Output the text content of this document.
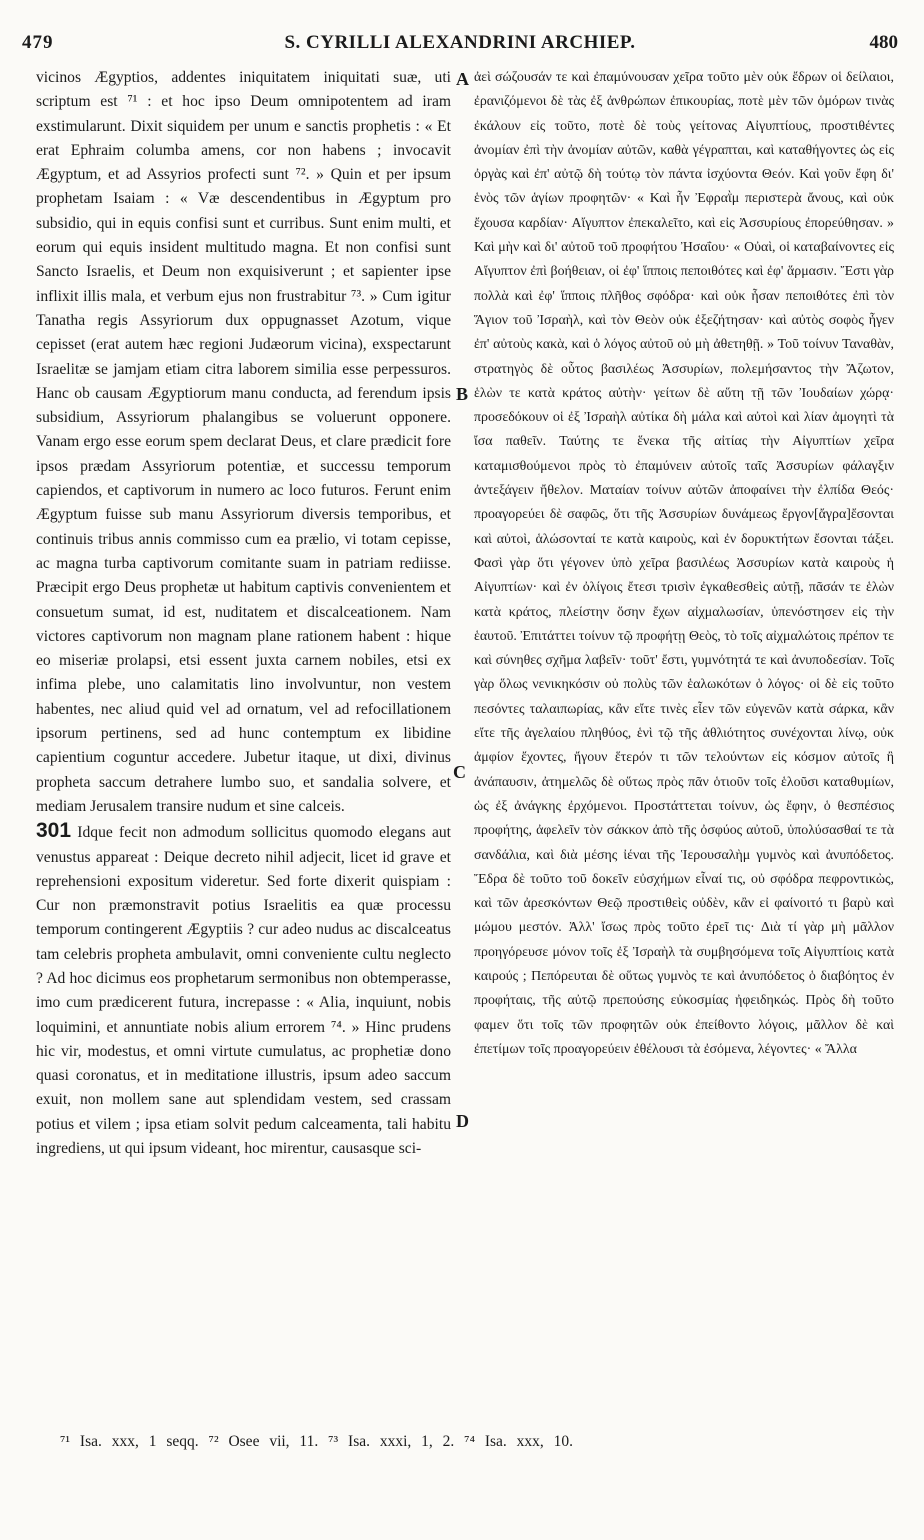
479	S. CYRILLI ALEXANDRINI ARCHIEP.	480

vicinos Ægyptios, addentes iniquitatem iniquitati suæ, uti scriptum est ⁷¹ : et hoc ipso Deum omnipotentem ad iram exstimularunt. Dixit siquidem per unum e sanctis prophetis : « Et erat Ephraim columba amens, cor non habens ; invocavit Ægyptum, et ad Assyrios profecti sunt ⁷². » Quin et per ipsum prophetam Isaiam : « Væ descendentibus in Ægyptum pro subsidio, qui in equis confisi sunt et curribus. Sunt enim multi, et eorum qui equis insident multitudo magna. Et non confisi sunt Sancto Israelis, et Deum non exquisiverunt ; et sapienter ipse inflixit illis mala, et verbum ejus non frustrabitur ⁷³. » Cum igitur Tanatha regis Assyriorum dux oppugnasset Azotum, vique cepisset (erat autem hæc regioni Judæorum vicina), exspectarunt Israelitæ se jamjam etiam citra laborem similia esse perpessuros. Hanc ob causam Ægyptiorum manu conducta, ad ferendum ipsis subsidium, Assyriorum phalangibus se voluerunt opponere. Vanam ergo esse eorum spem declarat Deus, et clare prædicit fore ipsos prædam Assyriorum potentiæ, et successu temporum capiendos, et captivorum in numero ac loco futuros. Ferunt enim Ægyptum fuisse sub manu Assyriorum diversis temporibus, et continuis tribus annis commisso cum ea prælio, vi totam cepisse, ac magna turba captivorum comitante suam in patriam rediisse. Præcipit ergo Deus prophetæ ut habitum captivis convenientem et consuetum sumat, id est, nuditatem et discalceationem. Nam victores captivorum non magnam plane rationem habent : hique eo miseriæ prolapsi, etsi essent juxta carnem nobiles, etsi ex infima plebe, uno calamitatis lino involvuntur, non vestem habentes, nec aliud quid vel ad ornatum, vel ad refocillationem ipsorum pertinens, sed ad hunc contemptum ex libidine capientium coguntur accedere. Jubetur itaque, ut dixi, divinus propheta saccum detrahere lumbo suo, et sandalia solvere, et mediam Jerusalem transire nudum et sine calceis.

301 Idque fecit non admodum sollicitus quomodo elegans aut venustus appareat : Deique decreto nihil adjecit, licet id grave et reprehensioni expositum videretur. Sed forte dixerit quispiam : Cur non præmonstravit potius Israelitis ea quæ processu temporum contingerent Ægyptiis ? cur adeo nudus ac discalceatus tam celebris propheta ambulavit, omni conveniente cultu neglecto ? Ad hoc dicimus eos prophetarum sermonibus non obtemperasse, imo cum prædicerent futura, increpasse : « Alia, inquiunt, nobis loquimini, et annuntiate nobis alium errorem ⁷⁴. » Hinc prudens hic vir, modestus, et omni virtute cumulatus, ac prophetiæ dono quasi coronatus, et in meditatione illustris, ipsum adeo saccum exuit, non mollem sane aut splendidam vestem, sed crassam potius et vilem ; ipsa etiam solvit pedum calceamenta, tali habitu ingrediens, ut qui ipsum videant, hoc mirentur, causasque sci-

A
B
C
D

ἀεὶ σώζουσάν τε καὶ ἐπαμύνουσαν χεῖρα τοῦτο μὲν οὐκ ἔδρων οἱ δείλαιοι, ἐρανιζόμενοι δὲ τὰς ἐξ ἀνθρώπων ἐπικουρίας, ποτὲ μὲν τῶν ὁμόρων τινὰς ἐκάλουν εἰς τοῦτο, ποτὲ δὲ τοὺς γείτονας Αἰγυπτίους, προστιθέντες ἀνομίαν ἐπὶ τὴν ἀνομίαν αὐτῶν, καθὰ γέγραπται, καὶ καταθήγοντες ὡς εἰς ὀργὰς καὶ ἐπ' αὐτῷ δὴ τούτῳ τὸν πάντα ἰσχύοντα Θεόν. Καὶ γοῦν ἔφη δι' ἑνὸς τῶν ἁγίων προφητῶν· « Καὶ ἦν Ἐφραῒμ περιστερὰ ἄνους, καὶ οὐκ ἔχουσα καρδίαν· Αἴγυπτον ἐπεκαλεῖτο, καὶ εἰς Ἀσσυρίους ἐπορεύθησαν. » Καὶ μὴν καὶ δι' αὐτοῦ τοῦ προφήτου Ἠσαΐου· « Οὐαὶ, οἱ καταβαίνοντες εἰς Αἴγυπτον ἐπὶ βοήθειαν, οἱ ἐφ' ἵπποις πεποιθότες καὶ ἐφ' ἅρμασιν. Ἔστι γὰρ πολλὰ καὶ ἐφ' ἵπποις πλῆθος σφόδρα· καὶ οὐκ ἦσαν πεποιθότες ἐπὶ τὸν Ἅγιον τοῦ Ἰσραὴλ, καὶ τὸν Θεὸν οὐκ ἐξεζήτησαν· καὶ αὐτὸς σοφὸς ἦγεν ἐπ' αὐτοὺς κακὰ, καὶ ὁ λόγος αὐτοῦ οὐ μὴ ἀθετηθῇ. » Τοῦ τοίνυν Ταναθὰν, στρατηγὸς δὲ οὗτος βασιλέως Ἀσσυρίων, πολεμήσαντος τὴν Ἄζωτον, ἑλὼν τε κατὰ κράτος αὐτὴν· γείτων δὲ αὕτη τῇ τῶν Ἰουδαίων χώρᾳ· προσεδόκουν οἱ ἐξ Ἰσραὴλ αὐτίκα δὴ μάλα καὶ αὐτοὶ καὶ λίαν ἀμογητὶ τὰ ἴσα παθεῖν. Ταύτης τε ἕνεκα τῆς αἰτίας τὴν Αἰγυπτίων χεῖρα καταμισθούμενοι πρὸς τὸ ἐπαμύνειν αὐτοῖς ταῖς Ἀσσυρίων φάλαγξιν ἀντεξάγειν ἤθελον. Ματαίαν τοίνυν αὐτῶν ἀποφαίνει τὴν ἐλπίδα Θεός· προαγορεύει δὲ σαφῶς, ὅτι τῆς Ἀσσυρίων δυνάμεως ἔργον[ἄγρα]ἔσονται καὶ αὐτοὶ, ἁλώσονταί τε κατὰ καιροὺς, καὶ ἐν δορυκτήτων ἔσονται τάξει. Φασὶ γὰρ ὅτι γέγονεν ὑπὸ χεῖρα βασιλέως Ἀσσυρίων κατὰ καιροὺς ἡ Αἰγυπτίων· καὶ ἐν ὀλίγοις ἔτεσι τρισὶν ἐγκαθεσθεὶς αὐτῇ, πᾶσάν τε ἑλὼν κατὰ κράτος, πλείστην ὅσην ἔχων αἰχμαλωσίαν, ὑπενόστησεν εἰς τὴν ἑαυτοῦ. Ἐπιτάττει τοίνυν τῷ προφήτῃ Θεὸς, τὸ τοῖς αἰχμαλώτοις πρέπον τε καὶ σύνηθες σχῆμα λαβεῖν· τοῦτ' ἔστι, γυμνότητά τε καὶ ἀνυποδεσίαν. Τοῖς γὰρ ὅλως νενικηκόσιν οὐ πολὺς τῶν ἑαλωκότων ὁ λόγος· οἱ δὲ εἰς τοῦτο πεσόντες ταλαιπωρίας, κἂν εἴτε τινὲς εἶεν τῶν εὐγενῶν κατὰ σάρκα, κἂν εἴτε τῆς ἀγελαίου πληθύος, ἑνὶ τῷ τῆς ἀθλιότητος συνέχονται λίνῳ, οὐκ ἀμφίον ἔχοντες, ἤγουν ἕτερόν τι τῶν τελούντων εἰς κόσμον αὐτοῖς ἢ ἀνάπαυσιν, ἀτημελῶς δὲ οὕτως πρὸς πᾶν ὁτιοῦν τοῖς ἑλοῦσι καταθυμίων, ὡς ἐξ ἀνάγκης ἐρχόμενοι. Προστάττεται τοίνυν, ὡς ἔφην, ὁ θεσπέσιος προφήτης, ἀφελεῖν τὸν σάκκον ἀπὸ τῆς ὀσφύος αὐτοῦ, ὑπολύσασθαί τε τὰ σανδάλια, καὶ διὰ μέσης ἰέναι τῆς Ἱερουσαλὴμ γυμνὸς καὶ ἀνυπόδετος. Ἔδρα δὲ τοῦτο τοῦ δοκεῖν εὐσχήμων εἶναί τις, οὐ σφόδρα πεφροντικὼς, καὶ τῶν ἀρεσκόντων Θεῷ προστιθεὶς οὐδὲν, κἂν εἰ φαίνοιτό τι βαρὺ καὶ μώμου μεστόν. Ἀλλ' ἴσως πρὸς τοῦτο ἐρεῖ τις· Διὰ τί γὰρ μὴ μᾶλλον προηγόρευσε μόνον τοῖς ἐξ Ἰσραὴλ τὰ συμβησόμενα τοῖς Αἰγυπτίοις κατὰ καιρούς ; Πεπόρευται δὲ οὕτως γυμνὸς τε καὶ ἀνυπόδετος ὁ διαβόητος ἐν προφήταις, τῆς αὐτῷ πρεπούσης εὐκοσμίας ἠφειδηκώς. Πρὸς δὴ τοῦτο φαμεν ὅτι τοῖς τῶν προφητῶν οὐκ ἐπείθοντο λόγοις, μᾶλλον δὲ καὶ ἐπετίμων τοῖς προαγορεύειν ἐθέλουσι τὰ ἐσόμενα, λέγοντες· « Ἄλλα

⁷¹ Isa. xxx, 1 seqq. ⁷² Osee vii, 11. ⁷³ Isa. xxxi, 1, 2. ⁷⁴ Isa. xxx, 10.
